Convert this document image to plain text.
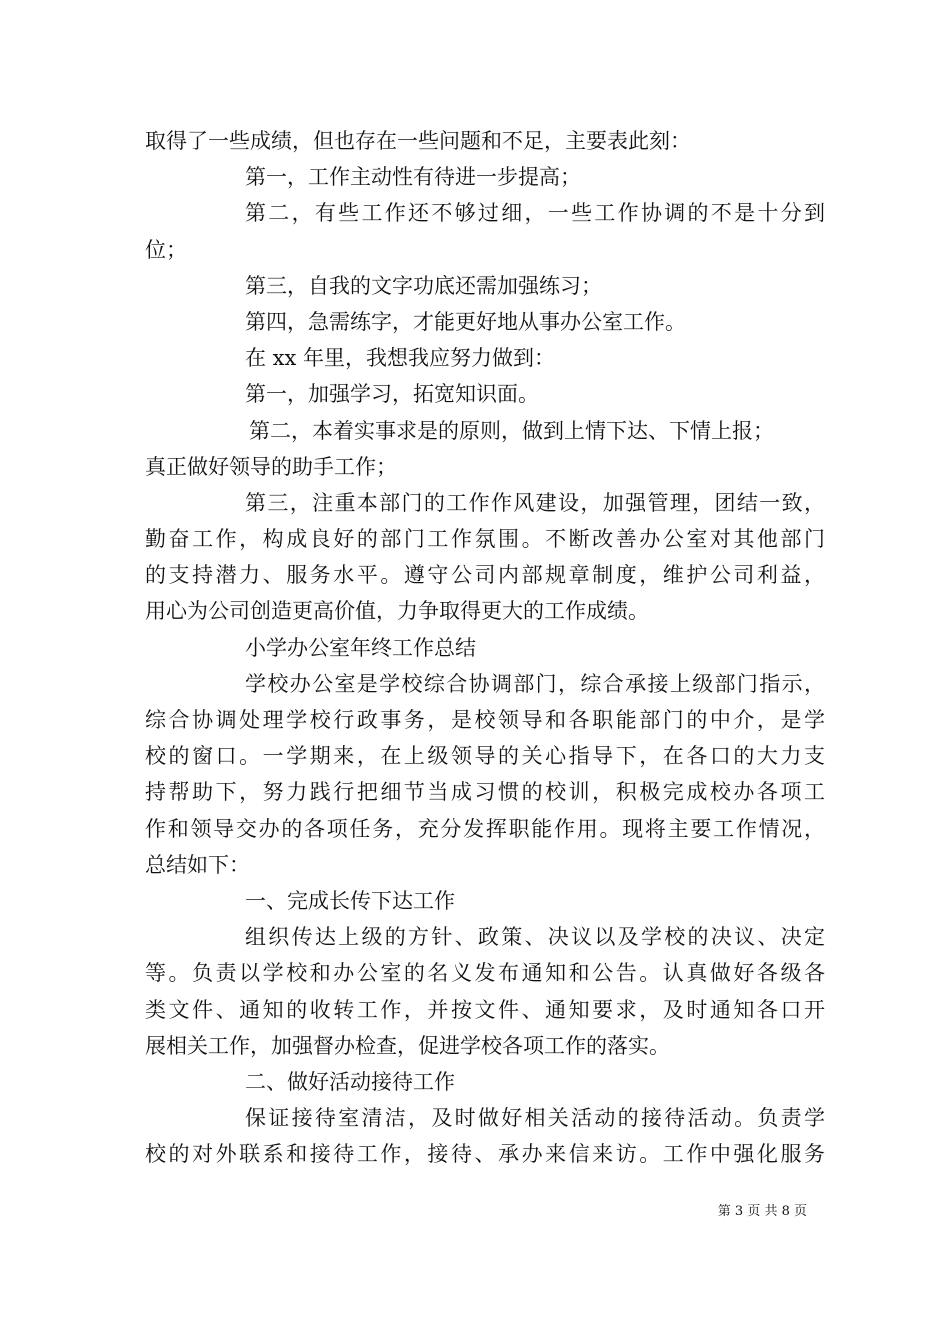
取得了一些成绩，但也存在一些问题和不足，主要表此刻：
第一，工作主动性有待进一步提高；
第二，有些工作还不够过细，一些工作协调的不是十分到
位；
第三，自我的文字功底还需加强练习；
第四，急需练字，才能更好地从事办公室工作。
在 xx 年里，我想我应努力做到：
第一，加强学习，拓宽知识面。
第二，本着实事求是的原则，做到上情下达、下情上报；
真正做好领导的助手工作；
第三，注重本部门的工作作风建设，加强管理，团结一致，
勤奋工作，构成良好的部门工作氛围。不断改善办公室对其他部门
的支持潜力、服务水平。遵守公司内部规章制度，维护公司利益，
用心为公司创造更高价值，力争取得更大的工作成绩。
小学办公室年终工作总结
学校办公室是学校综合协调部门，综合承接上级部门指示，
综合协调处理学校行政事务，是校领导和各职能部门的中介，是学
校的窗口。一学期来，在上级领导的关心指导下，在各口的大力支
持帮助下，努力践行把细节当成习惯的校训，积极完成校办各项工
作和领导交办的各项任务，充分发挥职能作用。现将主要工作情况，
总结如下：
一、完成长传下达工作
组织传达上级的方针、政策、决议以及学校的决议、决定
等。负责以学校和办公室的名义发布通知和公告。认真做好各级各
类文件、通知的收转工作，并按文件、通知要求，及时通知各口开
展相关工作，加强督办检查，促进学校各项工作的落实。
二、做好活动接待工作
保证接待室清洁，及时做好相关活动的接待活动。负责学
校的对外联系和接待工作，接待、承办来信来访。工作中强化服务
第 3 页 共 8 页
